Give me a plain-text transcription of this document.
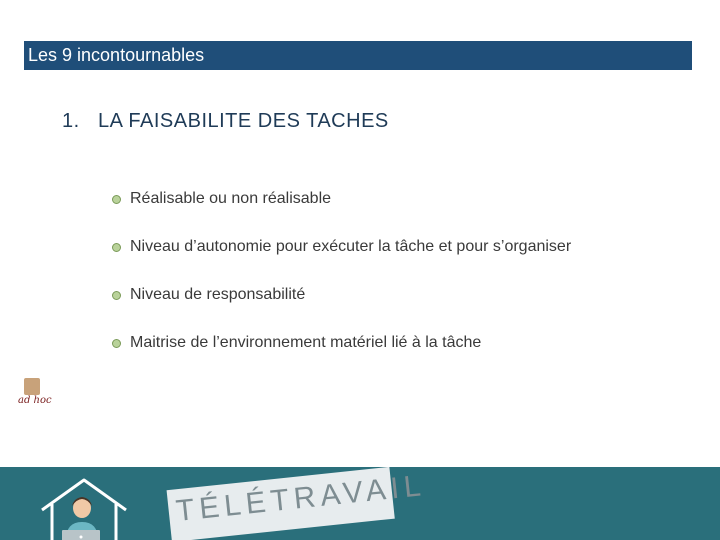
Les 9 incontournables
1. LA FAISABILITE DES TACHES
Réalisable ou non réalisable
Niveau d’autonomie pour exécuter la tâche et pour s’organiser
Niveau de responsabilité
Maitrise de l’environnement matériel lié à la tâche
ad hoc
TÉLÉTRAVAIL
